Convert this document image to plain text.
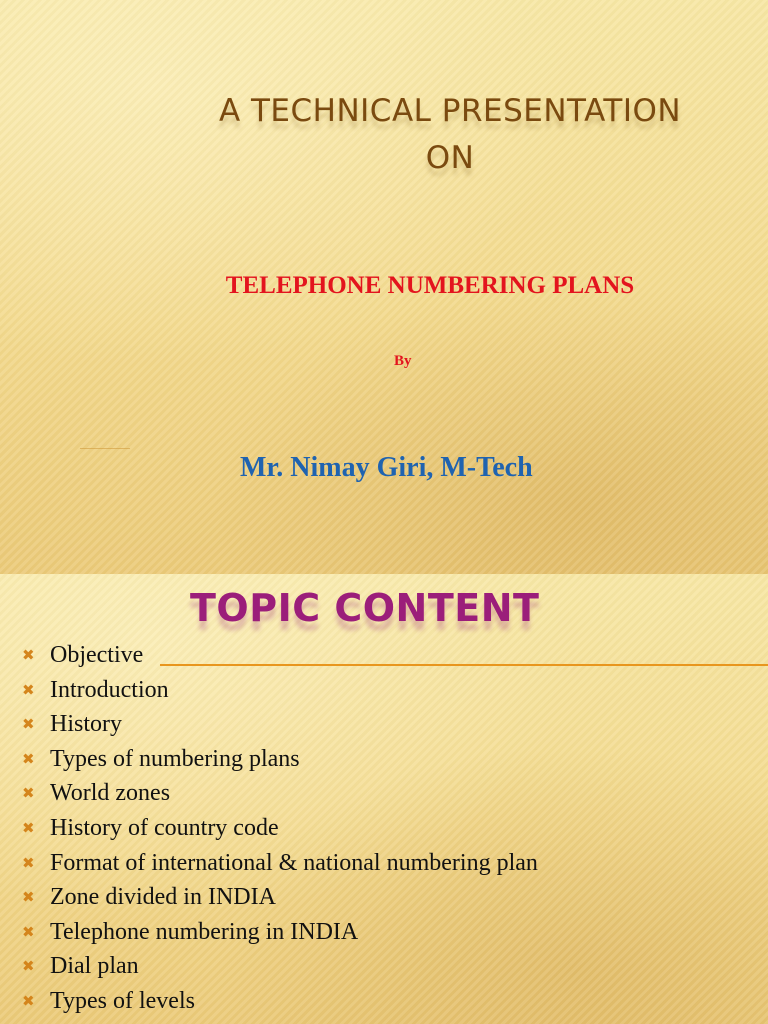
A TECHNICAL PRESENTATION
ON
TELEPHONE NUMBERING PLANS
By
Mr. Nimay Giri, M-Tech
TOPIC CONTENT
✖ Objective
✖ Introduction
✖ History
✖ Types of numbering plans
✖ World zones
✖ History of country code
✖ Format of international & national numbering plan
✖ Zone divided in INDIA
✖ Telephone numbering in INDIA
✖ Dial plan
✖ Types of levels
